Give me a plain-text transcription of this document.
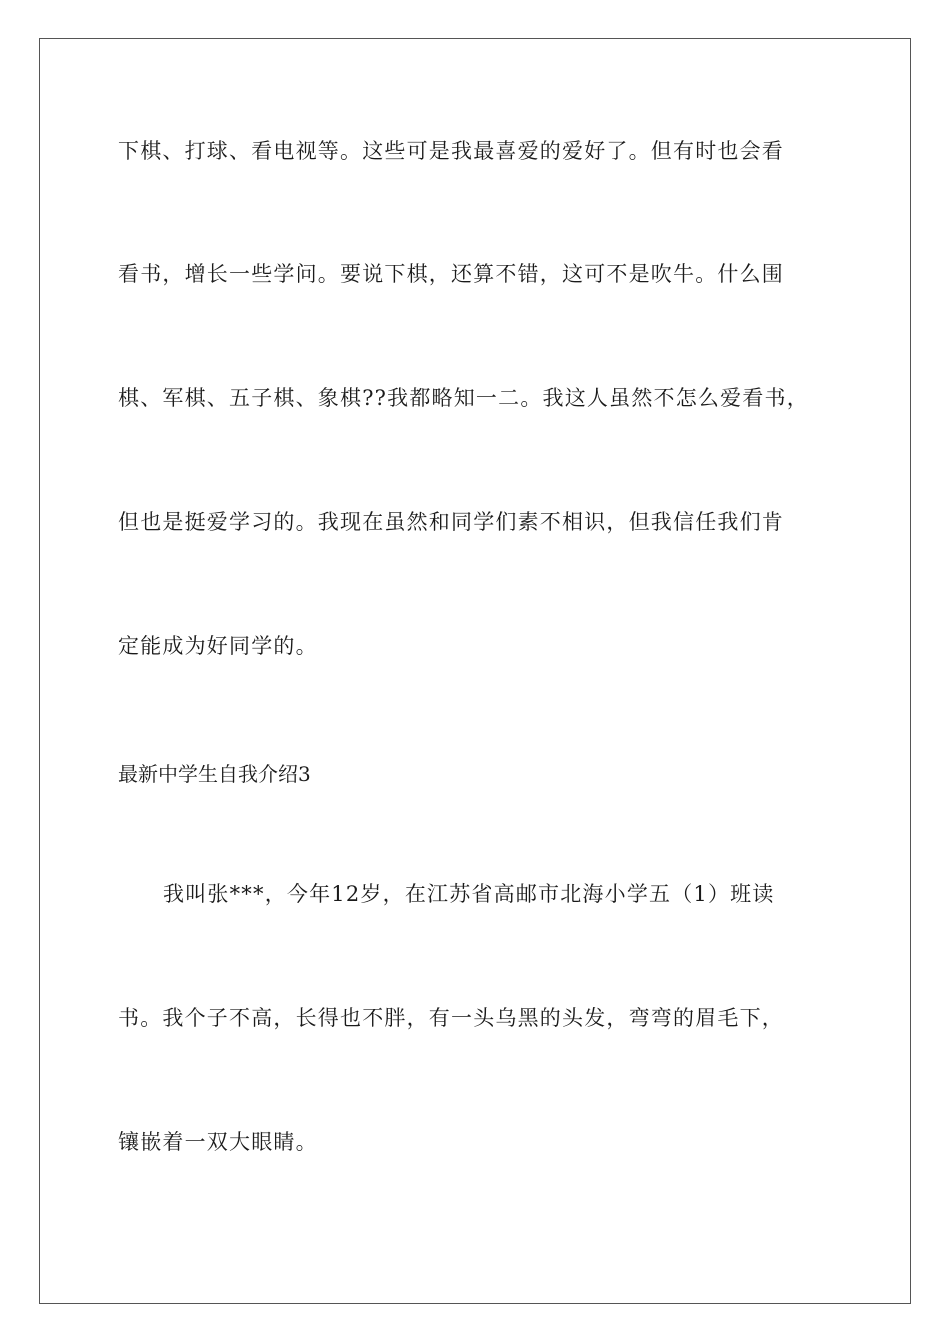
下棋、打球、看电视等。这些可是我最喜爱的爱好了。但有时也会看
看书，增长一些学问。要说下棋，还算不错，这可不是吹牛。什么围
棋、军棋、五子棋、象棋??我都略知一二。我这人虽然不怎么爱看书，
但也是挺爱学习的。我现在虽然和同学们素不相识，但我信任我们肯
定能成为好同学的。
最新中学生自我介绍3
我叫张***，今年12岁，在江苏省高邮市北海小学五（1）班读
书。我个子不高，长得也不胖，有一头乌黑的头发，弯弯的眉毛下，
镶嵌着一双大眼睛。
